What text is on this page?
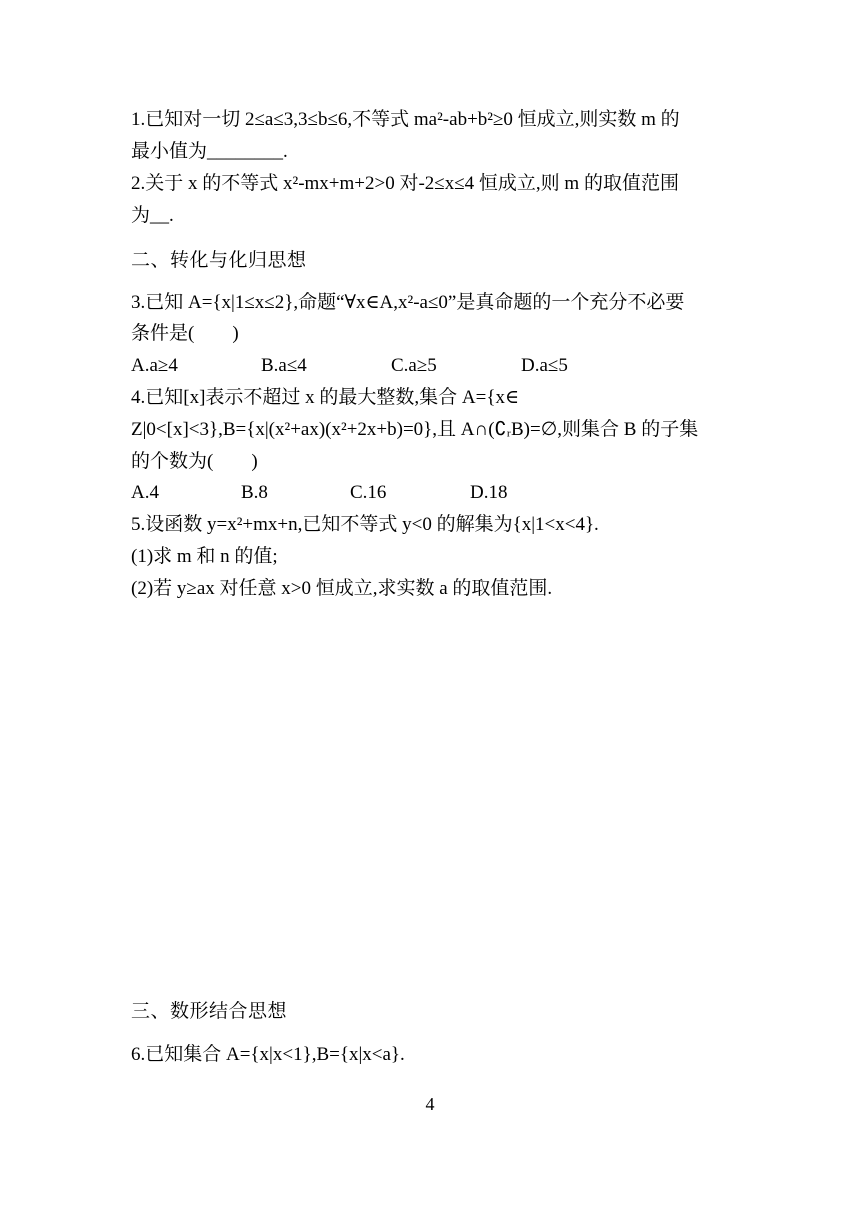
1.已知对一切 2≤a≤3,3≤b≤6,不等式 ma²-ab+b²≥0 恒成立,则实数 m 的
最小值为________.
2.关于 x 的不等式 x²-mx+m+2>0 对-2≤x≤4 恒成立,则 m 的取值范围
为__.
二、转化与化归思想
3.已知 A={x|1≤x≤2},命题“∀x∈A,x²-a≤0”是真命题的一个充分不必要
条件是(　　)
A.a≥4	B.a≤4	C.a≥5	D.a≤5
4.已知[x]表示不超过 x 的最大整数,集合 A={x∈
Z|0<[x]<3},B={x|(x²+ax)(x²+2x+b)=0},且 A∩(∁ᵣB)=∅,则集合 B 的子集
的个数为(　　)
A.4	B.8	C.16	D.18
5.设函数 y=x²+mx+n,已知不等式 y<0 的解集为{x|1<x<4}.
(1)求 m 和 n 的值;
(2)若 y≥ax 对任意 x>0 恒成立,求实数 a 的取值范围.
三、数形结合思想
6.已知集合 A={x|x<1},B={x|x<a}.
4
